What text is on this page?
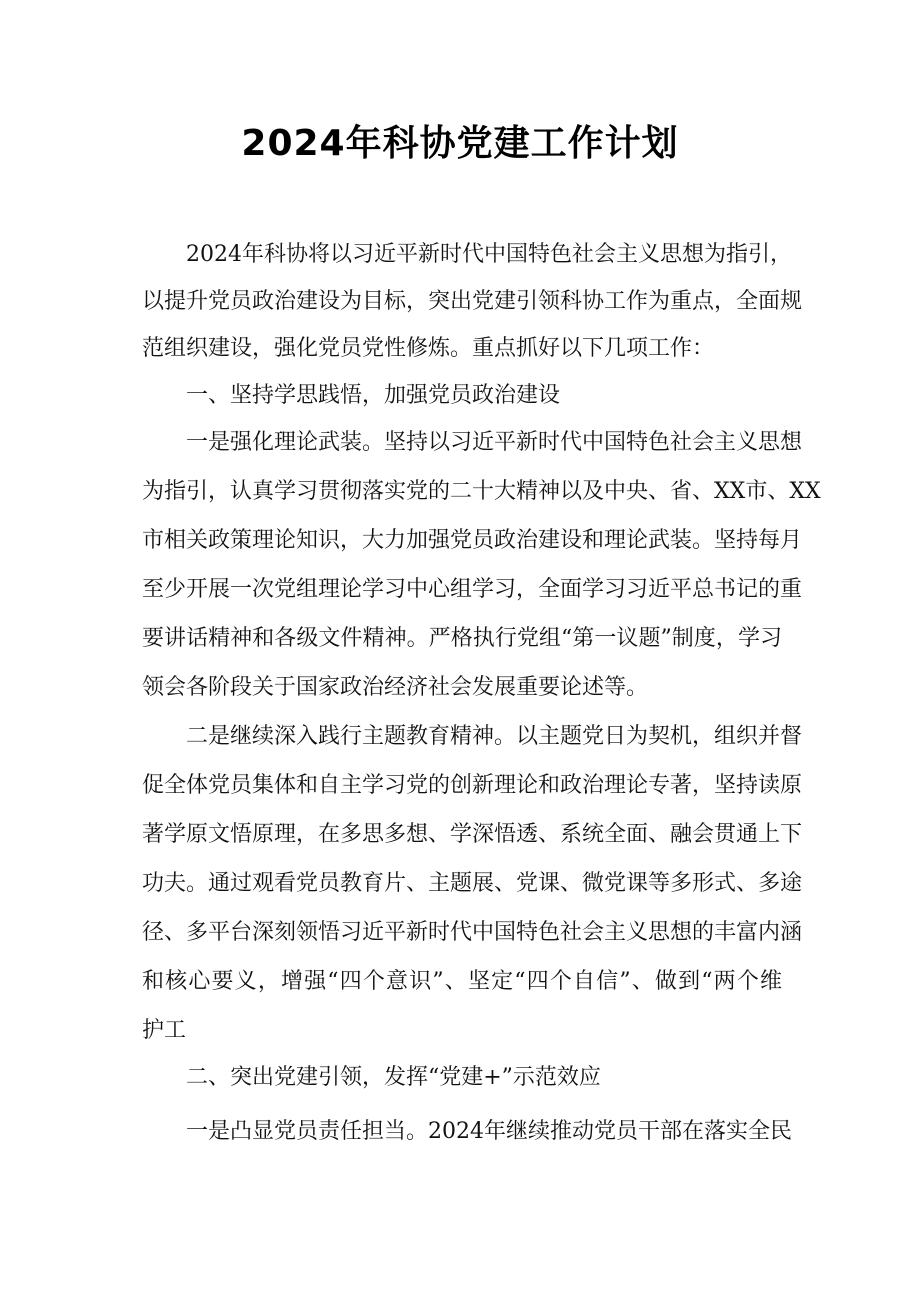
2024年科协党建工作计划
2024年科协将以习近平新时代中国特色社会主义思想为指引，
以提升党员政治建设为目标，突出党建引领科协工作为重点，全面规
范组织建设，强化党员党性修炼。重点抓好以下几项工作：
一、坚持学思践悟，加强党员政治建设
一是强化理论武装。坚持以习近平新时代中国特色社会主义思想
为指引，认真学习贯彻落实党的二十大精神以及中央、省、XX市、XX
市相关政策理论知识，大力加强党员政治建设和理论武装。坚持每月
至少开展一次党组理论学习中心组学习，全面学习习近平总书记的重
要讲话精神和各级文件精神。严格执行党组“第一议题”制度，学习
领会各阶段关于国家政治经济社会发展重要论述等。
二是继续深入践行主题教育精神。以主题党日为契机，组织并督
促全体党员集体和自主学习党的创新理论和政治理论专著，坚持读原
著学原文悟原理，在多思多想、学深悟透、系统全面、融会贯通上下
功夫。通过观看党员教育片、主题展、党课、微党课等多形式、多途
径、多平台深刻领悟习近平新时代中国特色社会主义思想的丰富内涵
和核心要义，增强“四个意识”、坚定“四个自信”、做到“两个维
护工
二、突出党建引领，发挥“党建+”示范效应
一是凸显党员责任担当。2024年继续推动党员干部在落实全民
